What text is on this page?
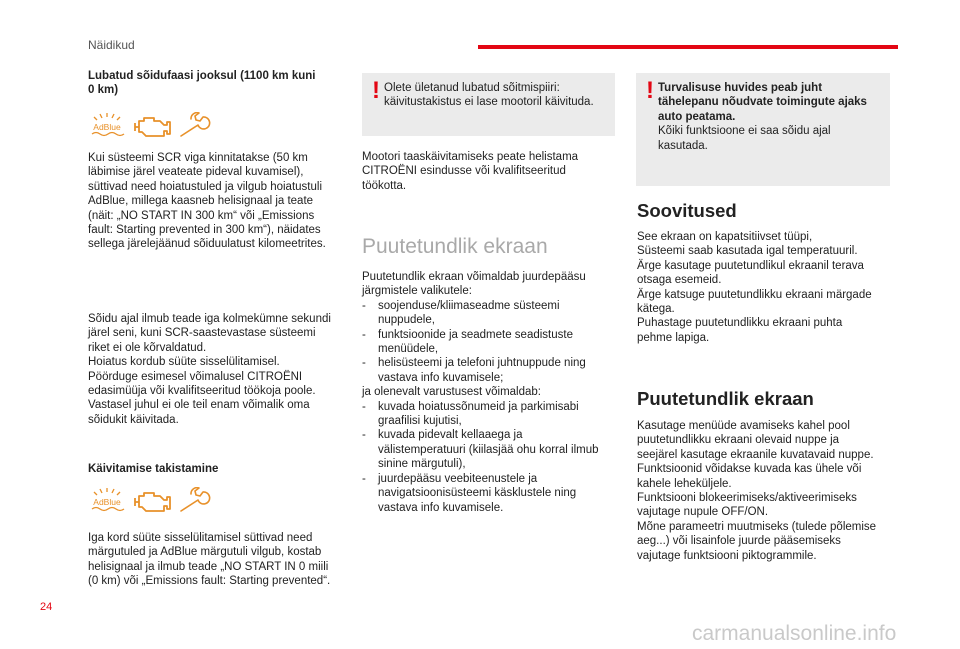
Näidikud
Lubatud sõidufaasi jooksul (1100 km kuni
0 km)
AdBlue
Kui süsteemi SCR viga kinnitatakse (50 km
läbimise järel veateate pideval kuvamisel),
süttivad need hoiatustuled ja vilgub hoiatustuli
AdBlue, millega kaasneb helisignaal ja teate
(näit: „NO START IN 300 km“ või „Emissions
fault: Starting prevented in 300 km“), näidates
sellega järelejäänud sõiduulatust kilomeetrites.
Sõidu ajal ilmub teade iga kolmekümne sekundi
järel seni, kuni SCR-saastevastase süsteemi
riket ei ole kõrvaldatud.
Hoiatus kordub süüte sisselülitamisel.
Pöörduge esimesel võimalusel CITROËNI
edasimüüja või kvalifitseeritud töökoja poole.
Vastasel juhul ei ole teil enam võimalik oma
sõidukit käivitada.
Käivitamise takistamine
AdBlue
Iga kord süüte sisselülitamisel süttivad need
märgutuled ja AdBlue märgutuli vilgub, kostab
helisignaal ja ilmub teade „NO START IN 0 miili
(0 km) või „Emissions fault: Starting prevented“.
! Olete ületanud lubatud sõitmispiiri:
käivitustakistus ei lase mootoril käivituda.
Mootori taaskäivitamiseks peate helistama
CITROËNI esindusse või kvalifitseeritud
töökotta.
Puutetundlik ekraan
Puutetundlik ekraan võimaldab juurdepääsu
järgmistele valikutele:
-	soojenduse/kliimaseadme süsteemi
nuppudele,
-	funktsioonide ja seadmete seadistuste
menüüdele,
-	helisüsteemi ja telefoni juhtnuppude ning
vastava info kuvamisele;
ja olenevalt varustusest võimaldab:
-	kuvada hoiatussõnumeid ja parkimisabi
graafilisi kujutisi,
-	kuvada pidevalt kellaaega ja
välistemperatuuri (kiilasjää ohu korral ilmub
sinine märgutuli),
-	juurdepääsu veebiteenustele ja
navigatsioonisüsteemi käsklustele ning
vastava info kuvamisele.
! Turvalisuse huvides peab juht
tähelepanu nõudvate toimingute ajaks
auto peatama.
Kõiki funktsioone ei saa sõidu ajal
kasutada.
Soovitused
See ekraan on kapatsitiivset tüüpi,
Süsteemi saab kasutada igal temperatuuril.
Ärge kasutage puutetundlikul ekraanil terava
otsaga esemeid.
Ärge katsuge puutetundlikku ekraani märgade
kätega.
Puhastage puutetundlikku ekraani puhta
pehme lapiga.
Puutetundlik ekraan
Kasutage menüüde avamiseks kahel pool
puutetundlikku ekraani olevaid nuppe ja
seejärel kasutage ekraanile kuvatavaid nuppe.
Funktsioonid võidakse kuvada kas ühele või
kahele leheküljele.
Funktsiooni blokeerimiseks/aktiveerimiseks
vajutage nupule OFF/ON.
Mõne parameetri muutmiseks (tulede põlemise
aeg...) või lisainfole juurde pääsemiseks
vajutage funktsiooni piktogrammile.
24
carmanualsonline.info
